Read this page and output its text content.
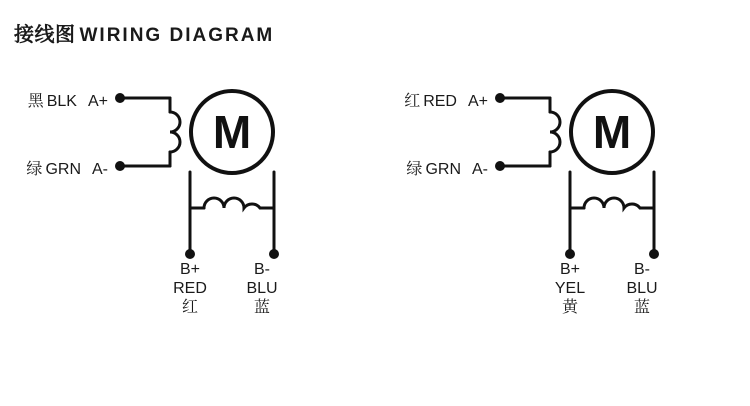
接线图 WIRING DIAGRAM
M
黑 BLK A+
绿 GRN A-
B+
RED
红
B-
BLU
蓝
M
红 RED A+
绿 GRN A-
B+
YEL
黄
B-
BLU
蓝
